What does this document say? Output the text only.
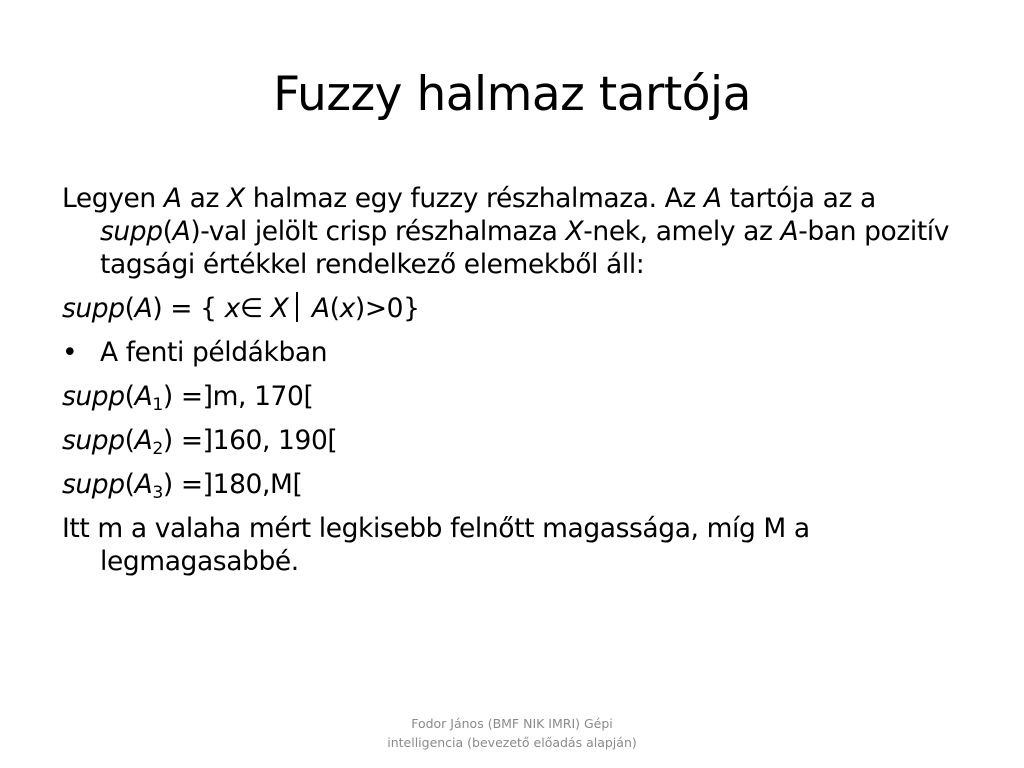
Fuzzy halmaz tartója

Legyen A az X halmaz egy fuzzy részhalmaza. Az A tartója az a supp(A)-val jelölt crisp részhalmaza X-nek, amely az A-ban pozitív tagsági értékkel rendelkező elemekből áll:

supp(A) = { x∈ X A(x)>0}

• A fenti példákban

$supp(A_1) =]m$, 170[

$supp(A_2) =]160$, 190[

$supp(A_3) =]180,M$[

Itt m a valaha mért legkisebb felnőtt magassága, míg M a legmagasabbé.

Fodor János (BMF NIK IMRI) Gépi
intelligencia (bevezető előadás alapján)
